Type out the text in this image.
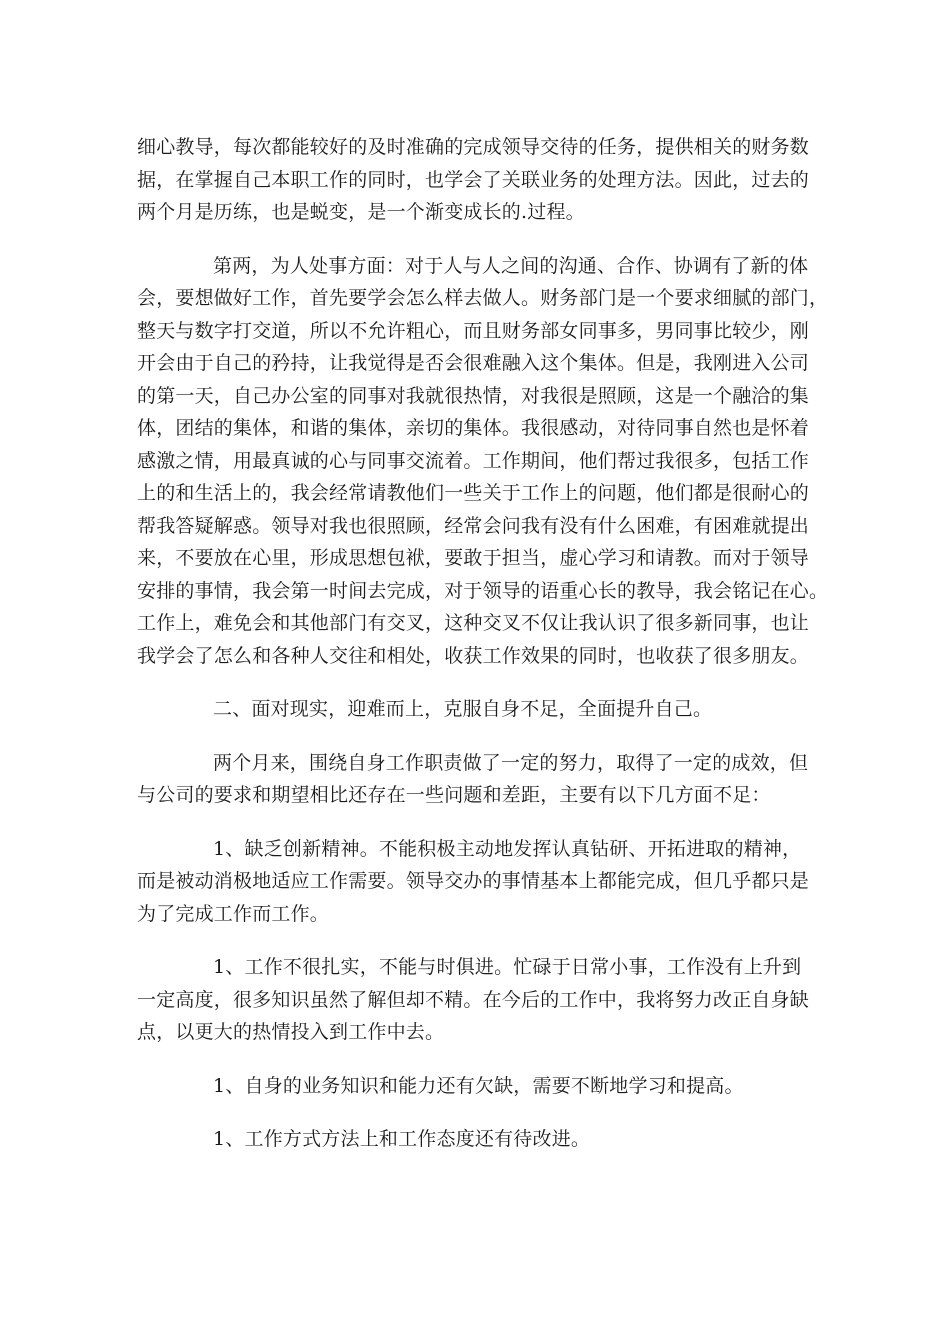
细心教导，每次都能较好的及时准确的完成领导交待的任务，提供相关的财务数
据，在掌握自己本职工作的同时，也学会了关联业务的处理方法。因此，过去的
两个月是历练，也是蜕变，是一个渐变成长的.过程。
第两，为人处事方面：对于人与人之间的沟通、合作、协调有了新的体
会，要想做好工作，首先要学会怎么样去做人。财务部门是一个要求细腻的部门，
整天与数字打交道，所以不允许粗心，而且财务部女同事多，男同事比较少，刚
开会由于自己的矜持，让我觉得是否会很难融入这个集体。但是，我刚进入公司
的第一天，自己办公室的同事对我就很热情，对我很是照顾，这是一个融洽的集
体，团结的集体，和谐的集体，亲切的集体。我很感动，对待同事自然也是怀着
感激之情，用最真诚的心与同事交流着。工作期间，他们帮过我很多，包括工作
上的和生活上的，我会经常请教他们一些关于工作上的问题，他们都是很耐心的
帮我答疑解惑。领导对我也很照顾，经常会问我有没有什么困难，有困难就提出
来，不要放在心里，形成思想包袱，要敢于担当，虚心学习和请教。而对于领导
安排的事情，我会第一时间去完成，对于领导的语重心长的教导，我会铭记在心。
工作上，难免会和其他部门有交叉，这种交叉不仅让我认识了很多新同事，也让
我学会了怎么和各种人交往和相处，收获工作效果的同时，也收获了很多朋友。
二、面对现实，迎难而上，克服自身不足，全面提升自己。
两个月来，围绕自身工作职责做了一定的努力，取得了一定的成效，但
与公司的要求和期望相比还存在一些问题和差距，主要有以下几方面不足：
1、缺乏创新精神。不能积极主动地发挥认真钻研、开拓进取的精神，
而是被动消极地适应工作需要。领导交办的事情基本上都能完成，但几乎都只是
为了完成工作而工作。
1、工作不很扎实，不能与时俱进。忙碌于日常小事，工作没有上升到
一定高度，很多知识虽然了解但却不精。在今后的工作中，我将努力改正自身缺
点，以更大的热情投入到工作中去。
1、自身的业务知识和能力还有欠缺，需要不断地学习和提高。
1、工作方式方法上和工作态度还有待改进。
